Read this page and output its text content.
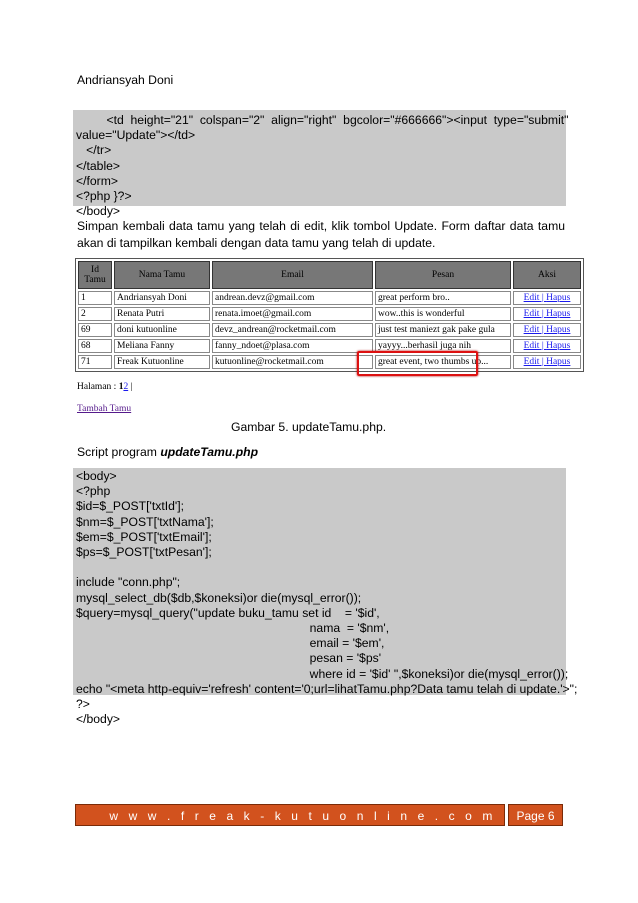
Andriansyah Doni
<td  height="21"  colspan="2"  align="right"  bgcolor="#666666"><input  type="submit"
value="Update"></td>
</tr>
</table>
</form>
<?php }?>
</body>
Simpan kembali data tamu yang telah di edit, klik tombol Update. Form daftar data tamu akan di tampilkan kembali dengan data tamu yang telah di update.
Id Tamu	Nama Tamu	Email	Pesan	Aksi
1	Andriansyah Doni	andrean.devz@gmail.com	great perform bro..	Edit | Hapus
2	Renata Putri	renata.imoet@gmail.com	wow..this is wonderful	Edit | Hapus
69	doni kutuonline	devz_andrean@rocketmail.com	just test maniezt gak pake gula	Edit | Hapus
68	Meliana Fanny	fanny_ndoet@plasa.com	yayyy...berhasil juga nih	Edit | Hapus
71	Freak Kutuonline	kutuonline@rocketmail.com	great event, two thumbs up...	Edit | Hapus
Halaman : 12 |
Tambah Tamu
Gambar 5. updateTamu.php.
Script program updateTamu.php
<body>
<?php
$id=$_POST['txtId'];
$nm=$_POST['txtNama'];
$em=$_POST['txtEmail'];
$ps=$_POST['txtPesan'];
include "conn.php";
mysql_select_db($db,$koneksi)or die(mysql_error());
$query=mysql_query("update buku_tamu set id    = '$id',
nama  = '$nm',
email = '$em',
pesan = '$ps'
where id = '$id' ",$koneksi)or die(mysql_error());
echo "<meta http-equiv='refresh' content='0;url=lihatTamu.php?Data tamu telah di update.'>";
?>
</body>
w w w . f r e a k - k u t u o n l i n e . c o m	Page 6
